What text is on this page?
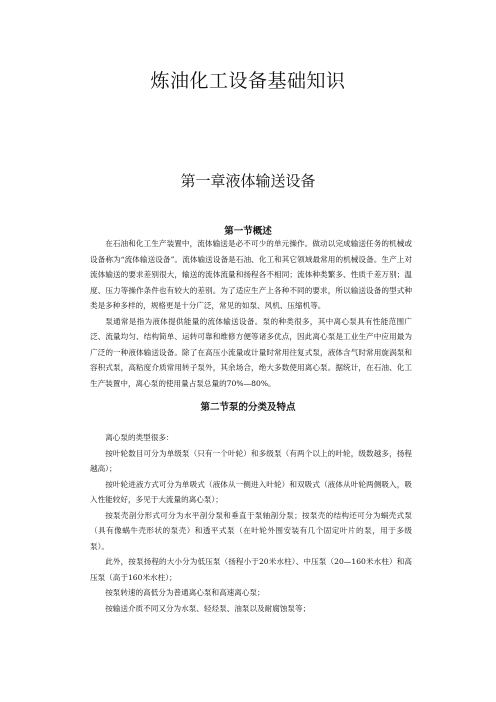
炼油化工设备基础知识
第一章液体输送设备
第一节概述

在石油和化工生产装置中，流体输送是必不可少的单元操作。做动以完成输送任务的机械或设备称为“流体输送设备”。流体输送设备是石油、化工和其它领域最常用的机械设备。生产上对流体输送的要求差别很大，输送的流体流量和扬程各不相同；流体种类繁多、性质千差万别；温度、压力等操作条件也有较大的差别。为了适应生产上各种不同的要求，所以输送设备的型式种类是多种多样的，规格更是十分广泛，常见的如泵、风机、压缩机等。

泵通常是指为液体提供能量的流体输送设备。泵的种类很多，其中离心泵具有性能范围广泛、流量均匀、结构简单、运转可靠和维修方便等诸多优点，因此离心泵是工业生产中应用最为广泛的一种液体输送设备。除了在高压小流量或计量时常用往复式泵，液体含气时常用旋涡泵和容积式泵，高粘度介质常用转子泵外，其余场合，绝大多数使用离心泵。据统计，在石油、化工生产装置中，离心泵的使用量占泵总量的70%—80%。

第二节泵的分类及特点

离心泵的类型很多：

按叶轮数目可分为单级泵（只有一个叶轮）和多级泵（有两个以上的叶轮，级数越多，扬程越高）；

按叶轮进液方式可分为单吸式（液体从一侧进入叶轮）和双吸式（液体从叶轮两侧吸入，吸入性能较好，多见于大流量的离心泵）；

按泵壳剖分形式可分为水平剖分泵和垂直于泵轴剖分泵；按泵壳的结构还可分为蜗壳式泵（具有像蜗牛壳形状的泵壳）和透平式泵（在叶轮外围安装有几个固定叶片的泵，用于多级泵）。

此外，按泵扬程的大小分为低压泵（扬程小于20米水柱）、中压泵（20—160米水柱）和高压泵（高于160米水柱）；

按泵转速的高低分为普通离心泵和高速离心泵；

按输送介质不同又分为水泵、轻烃泵、油泵以及耐腐蚀泵等；
